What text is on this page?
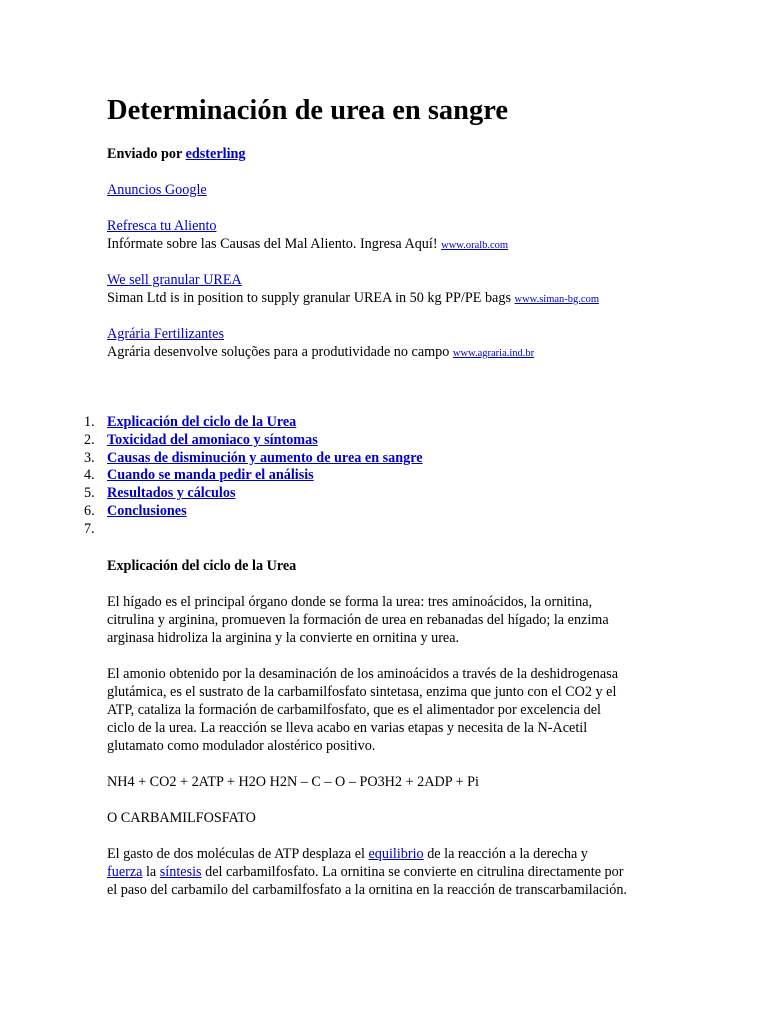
Determinación de urea en sangre
Enviado por edsterling
Anuncios Google
Refresca tu Aliento
Infórmate sobre las Causas del Mal Aliento. Ingresa Aquí! www.oralb.com
We sell granular UREA
Siman Ltd is in position to supply granular UREA in 50 kg PP/PE bags www.siman-bg.com
Agrária Fertilizantes
Agrária desenvolve soluções para a produtividade no campo www.agraria.ind.br
1. Explicación del ciclo de la Urea
2. Toxicidad del amoniaco y síntomas
3. Causas de disminución y aumento de urea en sangre
4. Cuando se manda pedir el análisis
5. Resultados y cálculos
6. Conclusiones
7.
Explicación del ciclo de la Urea
El hígado es el principal órgano donde se forma la urea: tres aminoácidos, la ornitina,
citrulina y arginina, promueven la formación de urea en rebanadas del hígado; la enzima
arginasa hidroliza la arginina y la convierte en ornitina y urea.
El amonio obtenido por la desaminación de los aminoácidos a través de la deshidrogenasa
glutámica, es el sustrato de la carbamilfosfato sintetasa, enzima que junto con el CO2 y el
ATP, cataliza la formación de carbamilfosfato, que es el alimentador por excelencia del
ciclo de la urea. La reacción se lleva acabo en varias etapas y necesita de la N-Acetil
glutamato como modulador alostérico positivo.
NH4 + CO2 + 2ATP + H2O H2N – C – O – PO3H2 + 2ADP + Pi
O CARBAMILFOSFATO
El gasto de dos moléculas de ATP desplaza el equilibrio de la reacción a la derecha y
fuerza la síntesis del carbamilfosfato. La ornitina se convierte en citrulina directamente por
el paso del carbamilo del carbamilfosfato a la ornitina en la reacción de transcarbamilación.
